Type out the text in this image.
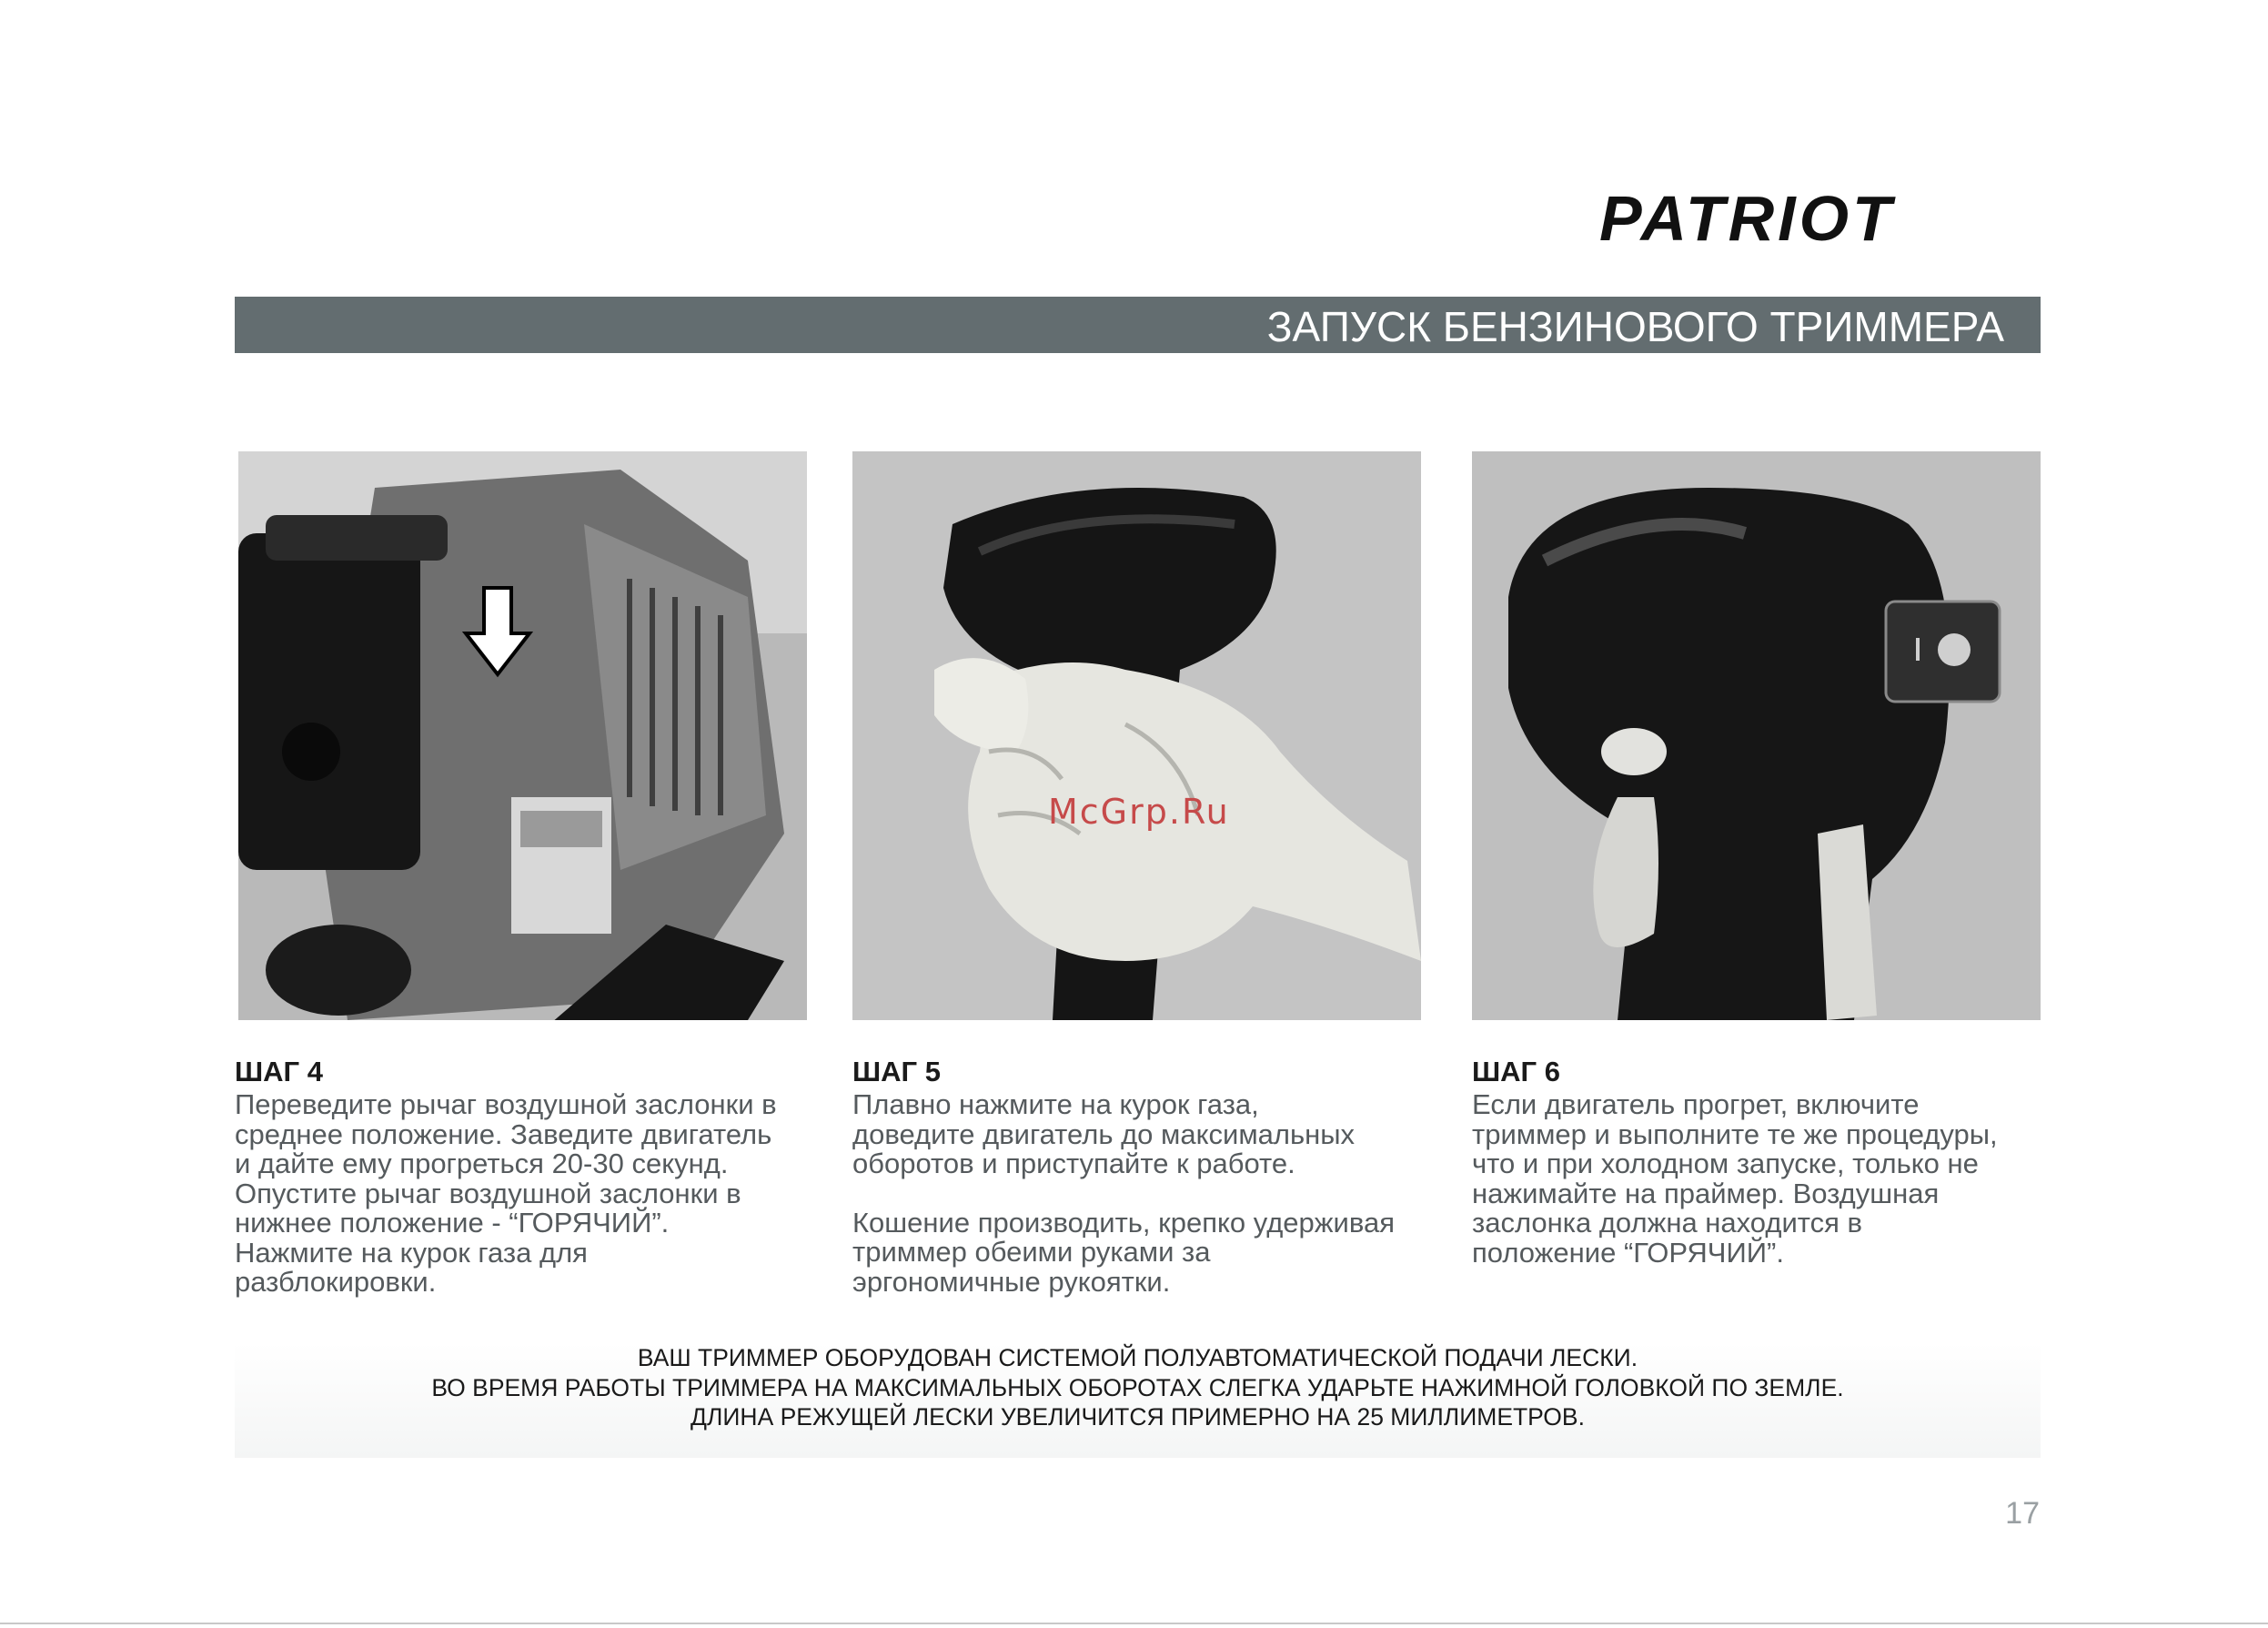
PATRIOT
ЗАПУСК БЕНЗИНОВОГО ТРИММЕРА
ШАГ 4

Переведите рычаг воздушной заслонки в
среднее положение. Заведите двигатель
и дайте ему прогреться 20-30 секунд.
Опустите рычаг воздушной заслонки в
нижнее положение - “ГОРЯЧИЙ”.
Нажмите на курок газа для
разблокировки.

ШАГ 5

Плавно нажмите на курок газа,
доведите двигатель до максимальных
оборотов и приступайте к работе.

Кошение производить, крепко удерживая
триммер обеими руками за
эргономичные рукоятки.

ШАГ 6

Если двигатель прогрет, включите
триммер и выполните те же процедуры,
что и при холодном запуске, только не
нажимайте на праймер. Воздушная
заслонка должна находится в
положение “ГОРЯЧИЙ”.

ВАШ ТРИММЕР ОБОРУДОВАН СИСТЕМОЙ ПОЛУАВТОМАТИЧЕСКОЙ ПОДАЧИ ЛЕСКИ.
ВО ВРЕМЯ РАБОТЫ ТРИММЕРА НА МАКСИМАЛЬНЫХ ОБОРОТАХ СЛЕГКА УДАРЬТЕ НАЖИМНОЙ ГОЛОВКОЙ ПО ЗЕМЛЕ.
ДЛИНА РЕЖУЩЕЙ ЛЕСКИ УВЕЛИЧИТСЯ ПРИМЕРНО НА 25 МИЛЛИМЕТРОВ.
McGrp.Ru
17
